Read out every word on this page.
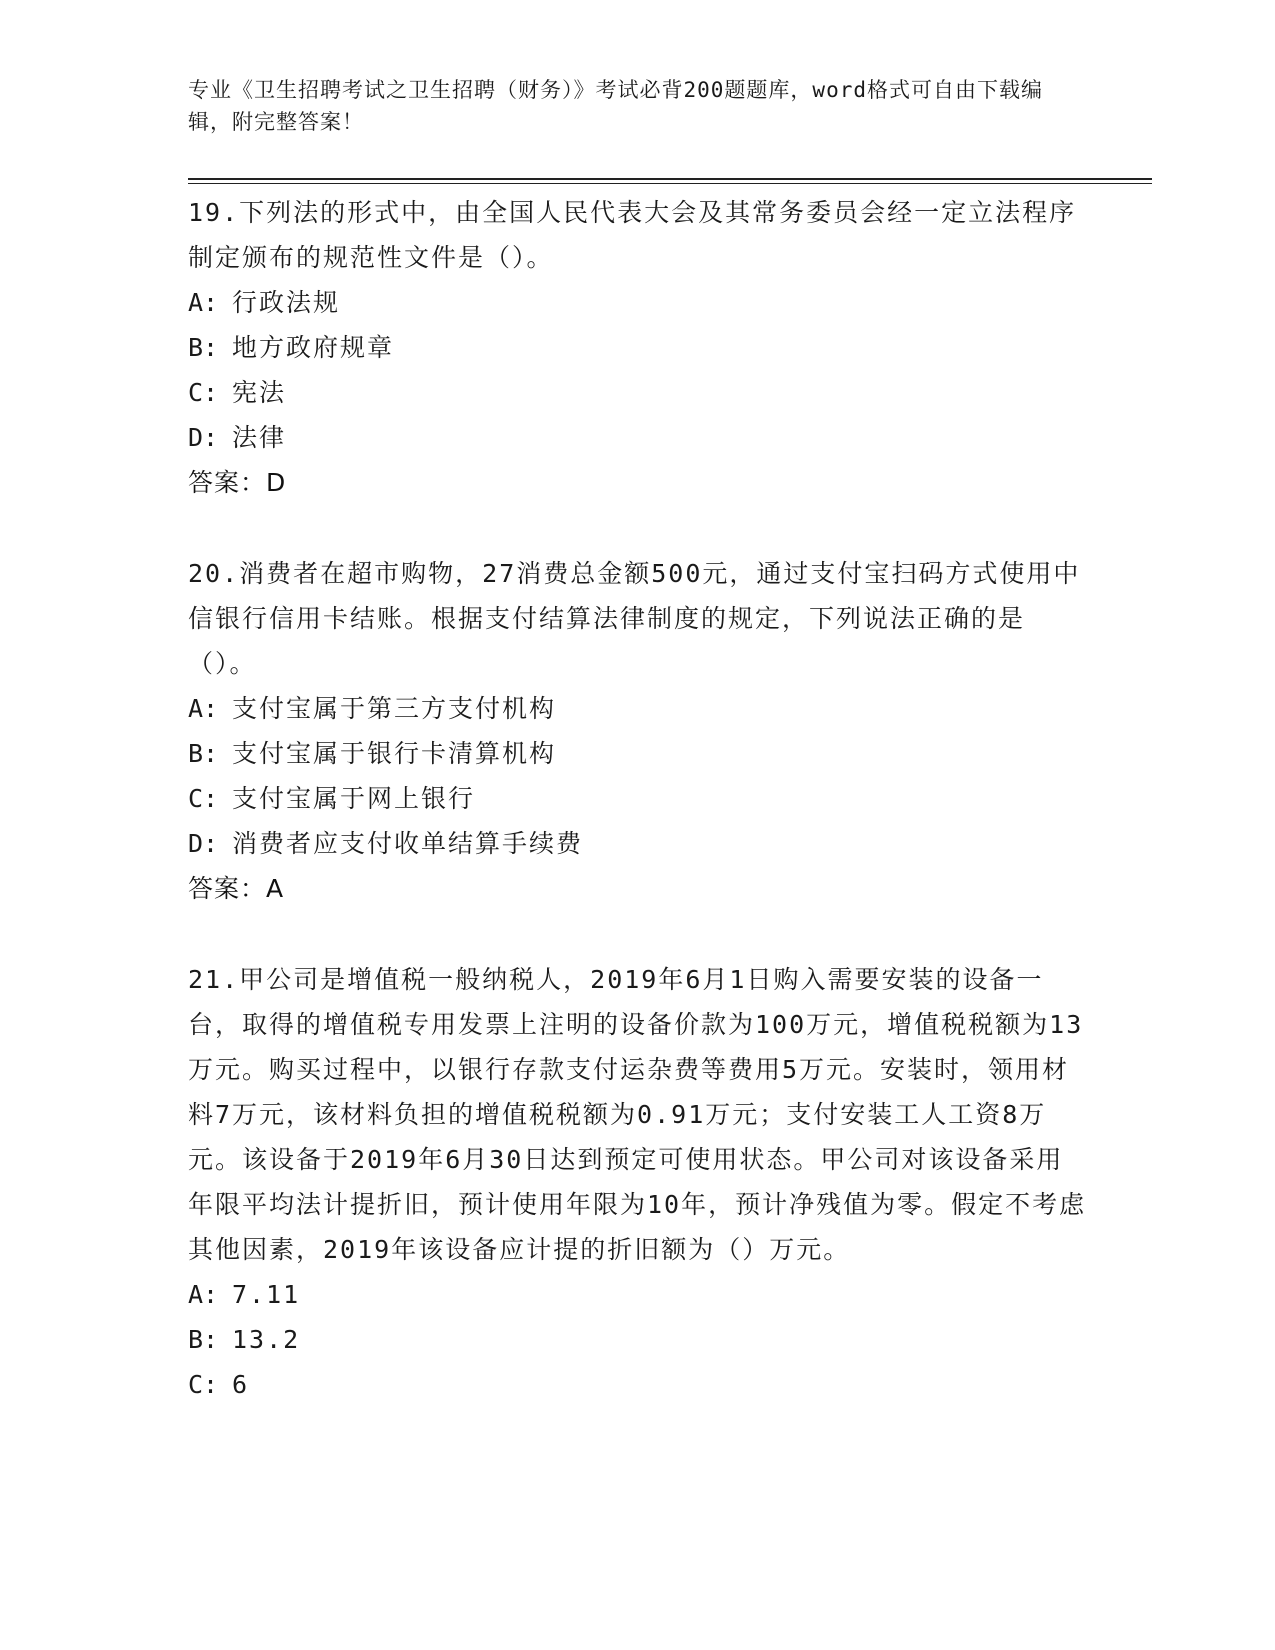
专业《卫生招聘考试之卫生招聘（财务）》考试必背200题题库，word格式可自由下载编辑，附完整答案！
19.下列法的形式中，由全国人民代表大会及其常务委员会经一定立法程序制定颁布的规范性文件是（）。
A: 行政法规
B: 地方政府规章
C: 宪法
D: 法律
答案：D
20.消费者在超市购物，27消费总金额500元，通过支付宝扫码方式使用中信银行信用卡结账。根据支付结算法律制度的规定，下列说法正确的是（）。
A: 支付宝属于第三方支付机构
B: 支付宝属于银行卡清算机构
C: 支付宝属于网上银行
D: 消费者应支付收单结算手续费
答案：A
21.甲公司是增值税一般纳税人，2019年6月1日购入需要安装的设备一台，取得的增值税专用发票上注明的设备价款为100万元，增值税税额为13万元。购买过程中，以银行存款支付运杂费等费用5万元。安装时，领用材料7万元，该材料负担的增值税税额为0.91万元；支付安装工人工资8万元。该设备于2019年6月30日达到预定可使用状态。甲公司对该设备采用年限平均法计提折旧，预计使用年限为10年，预计净残值为零。假定不考虑其他因素，2019年该设备应计提的折旧额为（）万元。
A: 7.11
B: 13.2
C: 6
